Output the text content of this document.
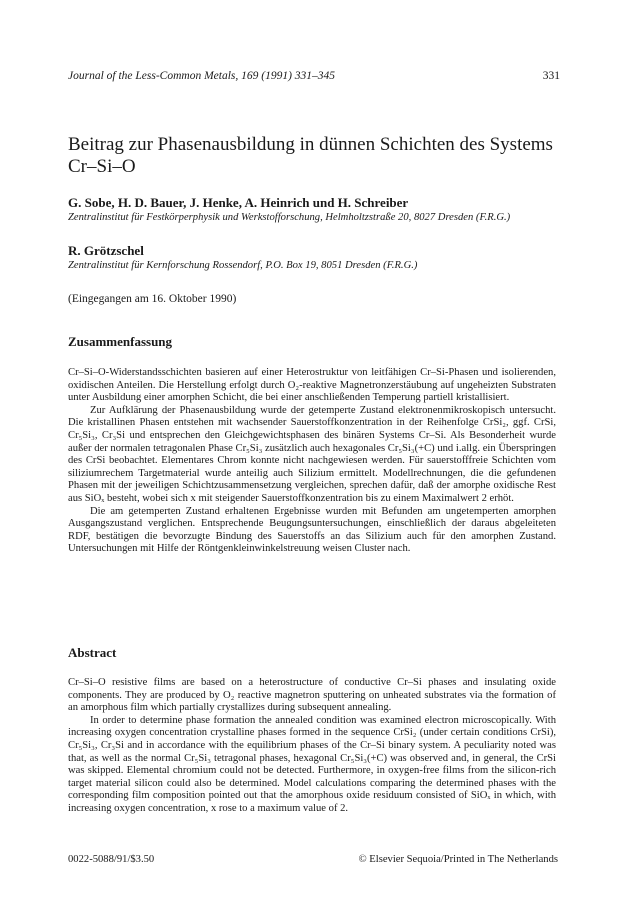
Journal of the Less-Common Metals, 169 (1991) 331–345	331
Beitrag zur Phasenausbildung in dünnen Schichten des Systems Cr–Si–O
G. Sobe, H. D. Bauer, J. Henke, A. Heinrich und H. Schreiber
Zentralinstitut für Festkörperphysik und Werkstofforschung, Helmholtzstraße 20, 8027 Dresden (F.R.G.)
R. Grötzschel
Zentralinstitut für Kernforschung Rossendorf, P.O. Box 19, 8051 Dresden (F.R.G.)
(Eingegangen am 16. Oktober 1990)
Zusammenfassung

Cr–Si–O-Widerstandsschichten basieren auf einer Heterostruktur von leitfähigen Cr–Si-Phasen und isolierenden, oxidischen Anteilen. Die Herstellung erfolgt durch O₂-reaktive Magnetronzerstäubung auf ungeheizten Substraten unter Ausbildung einer amorphen Schicht, die bei einer anschließenden Temperung partiell kristallisiert.

Zur Aufklärung der Phasenausbildung wurde der getemperte Zustand elektronenmikroskopisch untersucht. Die kristallinen Phasen entstehen mit wachsender Sauerstoffkonzentration in der Reihenfolge CrSi₂, ggf. CrSi, Cr₅Si₃, Cr₃Si und entsprechen den Gleichgewichtsphasen des binären Systems Cr–Si. Als Besonderheit wurde außer der normalen tetragonalen Phase Cr₅Si₃ zusätzlich auch hexagonales Cr₅Si₃(+C) und i.allg. ein Überspringen des CrSi beobachtet. Elementares Chrom konnte nicht nachgewiesen werden. Für sauerstofffreie Schichten vom siliziumrechem Targetmaterial wurde anteilig auch Silizium ermittelt. Modellrechnungen, die die gefundenen Phasen mit der jeweiligen Schichtzusammensetzung vergleichen, sprechen dafür, daß der amorphe oxidische Rest aus SiOₓ besteht, wobei sich x mit steigender Sauerstoffkonzentration bis zu einem Maximalwert 2 erhöt.

Die am getemperten Zustand erhaltenen Ergebnisse wurden mit Befunden am ungetemperten amorphen Ausgangszustand verglichen. Entsprechende Beugungsuntersuchungen, einschließlich der daraus abgeleiteten RDF, bestätigen die bevorzugte Bindung des Sauerstoffs an das Silizium auch für den amorphen Zustand. Untersuchungen mit Hilfe der Röntgenkleinwinkelstreuung weisen Cluster nach.

Abstract

Cr–Si–O resistive films are based on a heterostructure of conductive Cr–Si phases and insulating oxide components. They are produced by O₂ reactive magnetron sputtering on unheated substrates via the formation of an amorphous film which partially crystallizes during subsequent annealing.

In order to determine phase formation the annealed condition was examined electron microscopically. With increasing oxygen concentration crystalline phases formed in the sequence CrSi₂ (under certain conditions CrSi), Cr₅Si₃, Cr₃Si and in accordance with the equilibrium phases of the Cr–Si binary system. A peculiarity noted was that, as well as the normal Cr₅Si₃ tetragonal phases, hexagonal Cr₅Si₃(+C) was observed and, in general, the CrSi was skipped. Elemental chromium could not be detected. Furthermore, in oxygen-free films from the silicon-rich target material silicon could also be determined. Model calculations comparing the determined phases with the corresponding film composition pointed out that the amorphous oxide residuum consisted of SiOₓ in which, with increasing oxygen concentration, x rose to a maximum value of 2.

0022-5088/91/$3.50	© Elsevier Sequoia/Printed in The Netherlands
